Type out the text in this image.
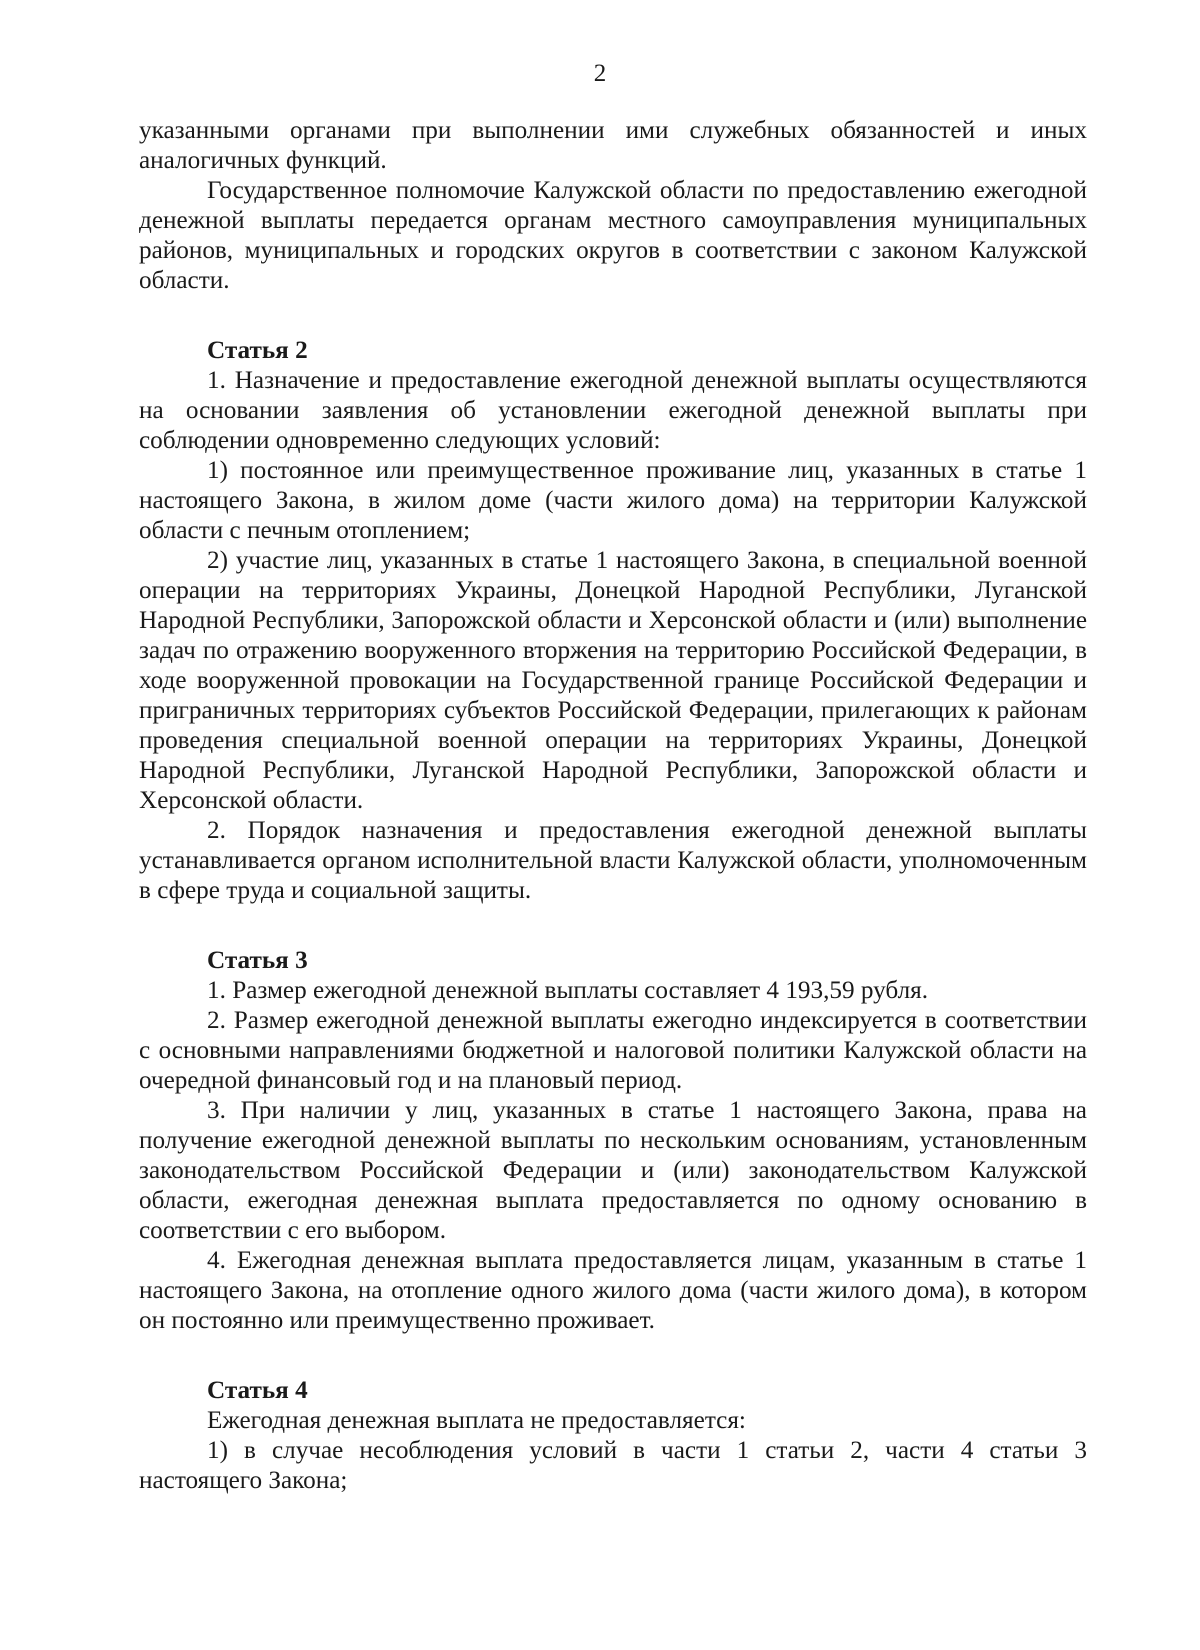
2

указанными органами при выполнении ими служебных обязанностей и иных аналогичных функций.

Государственное полномочие Калужской области по предоставлению ежегодной денежной выплаты передается органам местного самоуправления муниципальных районов, муниципальных и городских округов в соответствии с законом Калужской области.

Статья 2

1. Назначение и предоставление ежегодной денежной выплаты осуществляются на основании заявления об установлении ежегодной денежной выплаты при соблюдении одновременно следующих условий:

1) постоянное или преимущественное проживание лиц, указанных в статье 1 настоящего Закона, в жилом доме (части жилого дома) на территории Калужской области с печным отоплением;

2) участие лиц, указанных в статье 1 настоящего Закона, в специальной военной операции на территориях Украины, Донецкой Народной Республики, Луганской Народной Республики, Запорожской области и Херсонской области и (или) выполнение задач по отражению вооруженного вторжения на территорию Российской Федерации, в ходе вооруженной провокации на Государственной границе Российской Федерации и приграничных территориях субъектов Российской Федерации, прилегающих к районам проведения специальной военной операции на территориях Украины, Донецкой Народной Республики, Луганской Народной Республики, Запорожской области и Херсонской области.

2. Порядок назначения и предоставления ежегодной денежной выплаты устанавливается органом исполнительной власти Калужской области, уполномоченным в сфере труда и социальной защиты.

Статья 3

1. Размер ежегодной денежной выплаты составляет 4 193,59 рубля.

2. Размер ежегодной денежной выплаты ежегодно индексируется в соответствии с основными направлениями бюджетной и налоговой политики Калужской области на очередной финансовый год и на плановый период.

3. При наличии у лиц, указанных в статье 1 настоящего Закона, права на получение ежегодной денежной выплаты по нескольким основаниям, установленным законодательством Российской Федерации и (или) законодательством Калужской области, ежегодная денежная выплата предоставляется по одному основанию в соответствии с его выбором.

4. Ежегодная денежная выплата предоставляется лицам, указанным в статье 1 настоящего Закона, на отопление одного жилого дома (части жилого дома), в котором он постоянно или преимущественно проживает.

Статья 4

Ежегодная денежная выплата не предоставляется:

1) в случае несоблюдения условий в части 1 статьи 2, части 4 статьи 3 настоящего Закона;
